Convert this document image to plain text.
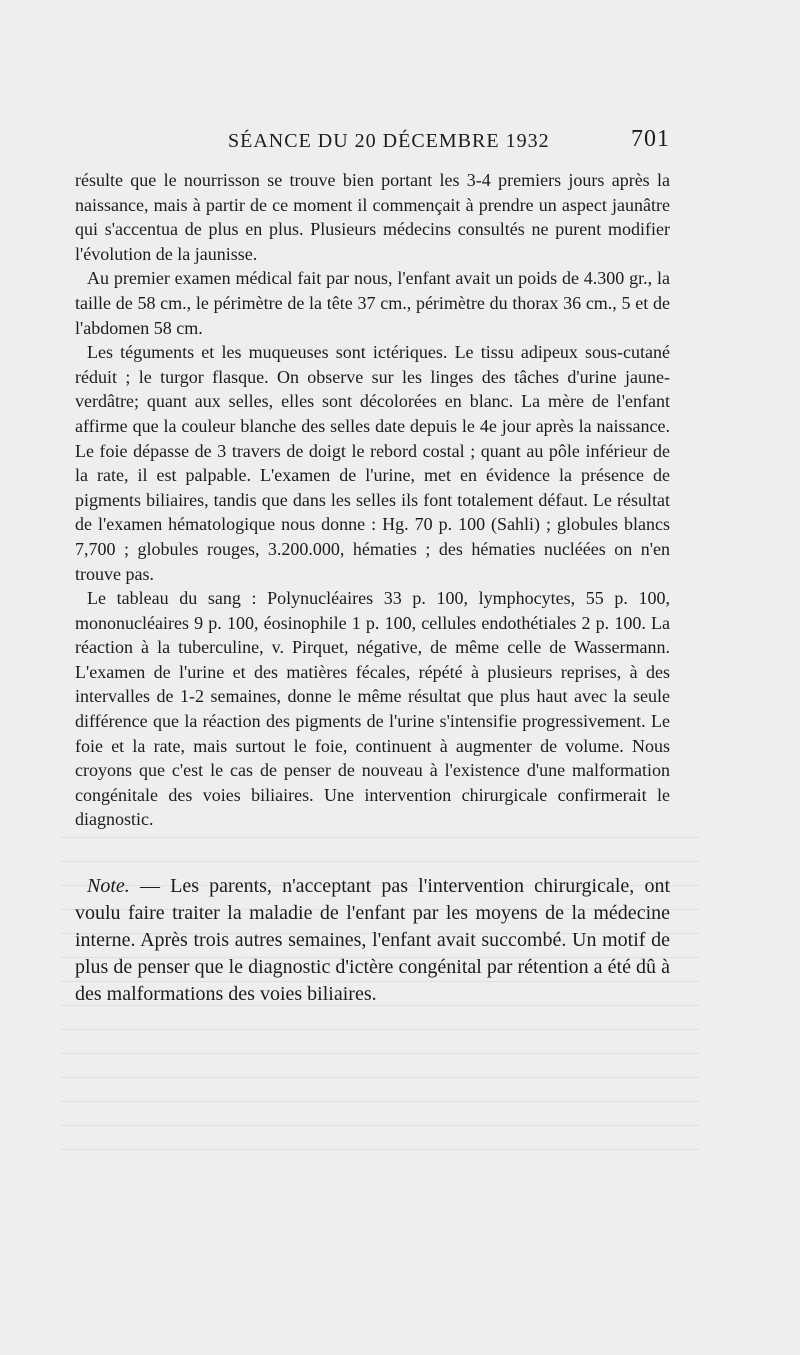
SÉANCE DU 20 DÉCEMBRE 1932	701

résulte que le nourrisson se trouve bien portant les 3-4 premiers jours après la naissance, mais à partir de ce moment il commençait à prendre un aspect jaunâtre qui s'accentua de plus en plus. Plusieurs médecins consultés ne purent modifier l'évolution de la jaunisse.

Au premier examen médical fait par nous, l'enfant avait un poids de 4.300 gr., la taille de 58 cm., le périmètre de la tête 37 cm., périmètre du thorax 36 cm., 5 et de l'abdomen 58 cm.

Les téguments et les muqueuses sont ictériques. Le tissu adipeux sous-cutané réduit ; le turgor flasque. On observe sur les linges des tâches d'urine jaune-verdâtre; quant aux selles, elles sont décolorées en blanc. La mère de l'enfant affirme que la couleur blanche des selles date depuis le 4e jour après la naissance. Le foie dépasse de 3 travers de doigt le rebord costal ; quant au pôle inférieur de la rate, il est palpable. L'examen de l'urine, met en évidence la présence de pigments biliaires, tandis que dans les selles ils font totalement défaut. Le résultat de l'examen hématologique nous donne : Hg. 70 p. 100 (Sahli) ; globules blancs 7,700 ; globules rouges, 3.200.000, hématies ; des hématies nucléées on n'en trouve pas.

Le tableau du sang : Polynucléaires 33 p. 100, lymphocytes, 55 p. 100, mononucléaires 9 p. 100, éosinophile 1 p. 100, cellules endothétiales 2 p. 100. La réaction à la tuberculine, v. Pirquet, négative, de même celle de Wassermann. L'examen de l'urine et des matières fécales, répété à plusieurs reprises, à des intervalles de 1-2 semaines, donne le même résultat que plus haut avec la seule différence que la réaction des pigments de l'urine s'intensifie progressivement. Le foie et la rate, mais surtout le foie, continuent à augmenter de volume. Nous croyons que c'est le cas de penser de nouveau à l'existence d'une malformation congénitale des voies biliaires. Une intervention chirurgicale confirmerait le diagnostic.

Note. — Les parents, n'acceptant pas l'intervention chirurgicale, ont voulu faire traiter la maladie de l'enfant par les moyens de la médecine interne. Après trois autres semaines, l'enfant avait succombé. Un motif de plus de penser que le diagnostic d'ictère congénital par rétention a été dû à des malformations des voies biliaires.
